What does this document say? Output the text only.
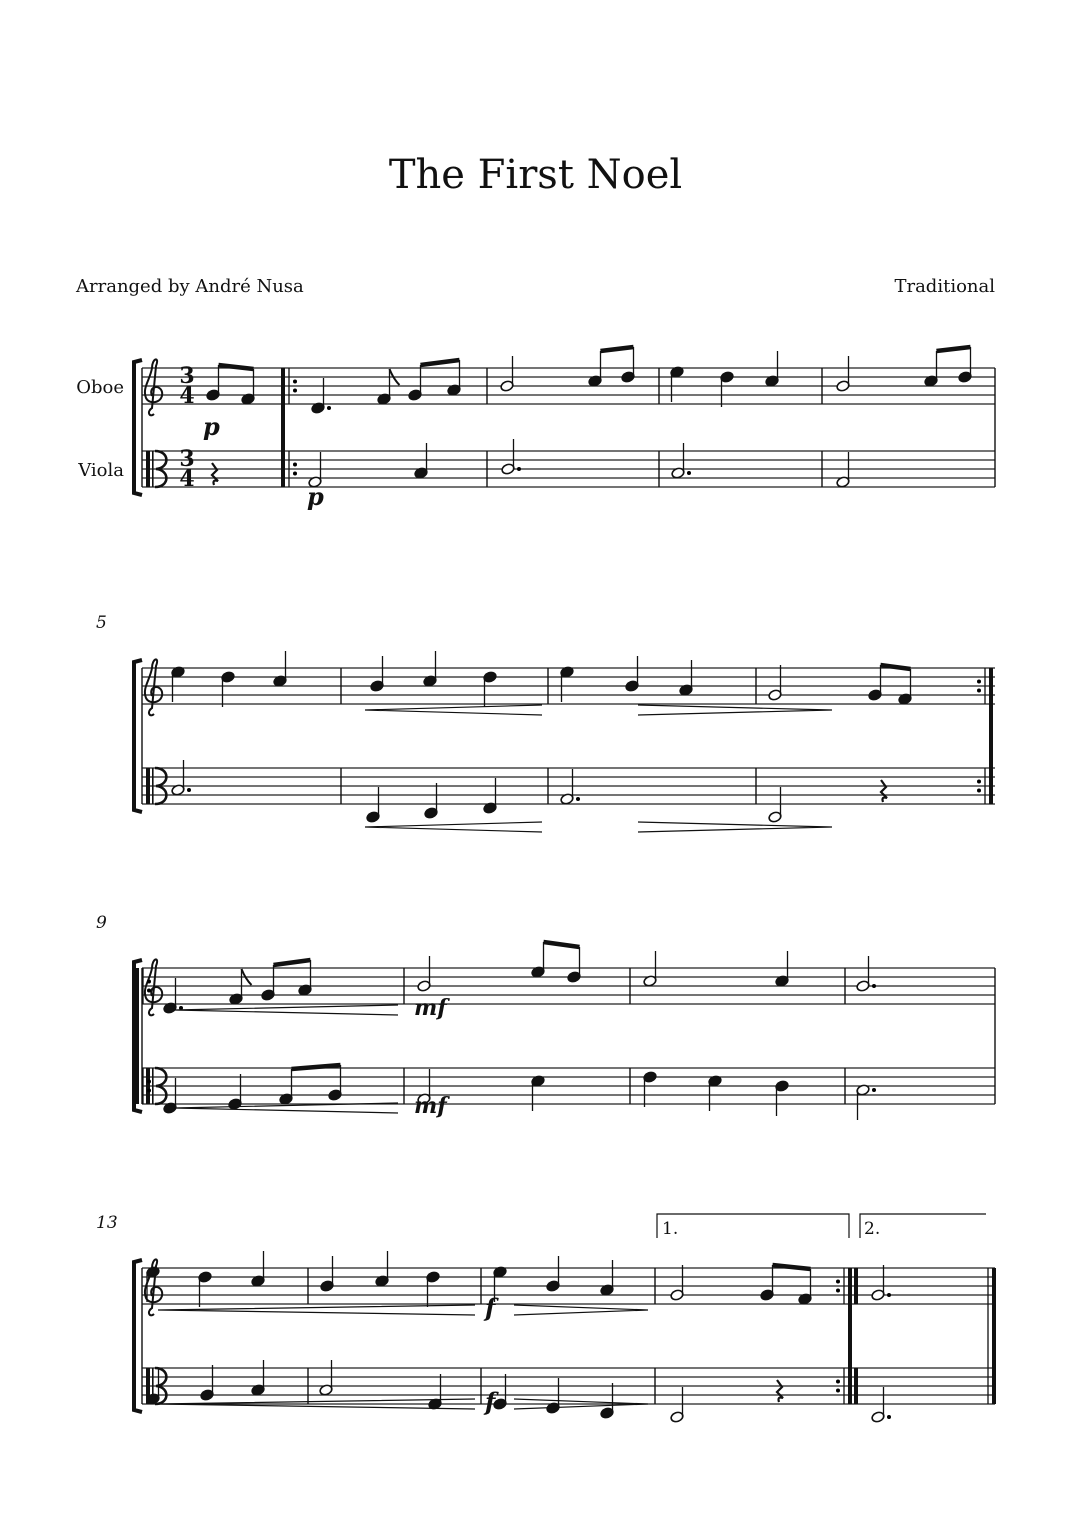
The First Noel
Arranged by André Nusa	Traditional
Oboe
Viola
3
4
3
4
5
9
13
p
p
mf
mf
f
f
1.	2.
